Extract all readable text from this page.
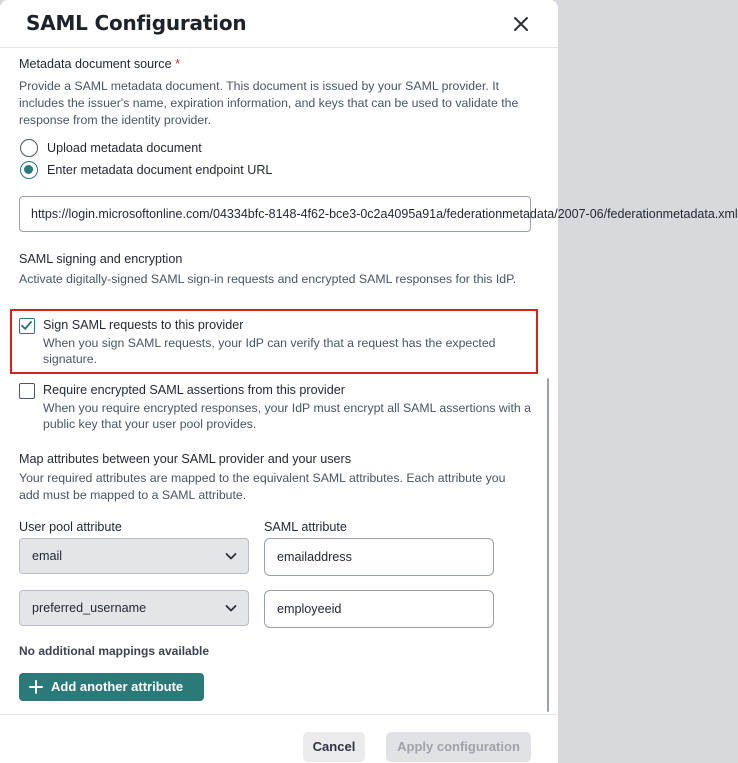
SAML Configuration
Metadata document source *
Provide a SAML metadata document. This document is issued by your SAML provider. It includes the issuer's name, expiration information, and keys that can be used to validate the response from the identity provider.
Upload metadata document
Enter metadata document endpoint URL
https://login.microsoftonline.com/04334bfc-8148-4f62-bce3-0c2a4095a91a/federationmetadata/2007-06/federationmetadata.xml
SAML signing and encryption
Activate digitally-signed SAML sign-in requests and encrypted SAML responses for this IdP.
Sign SAML requests to this provider
When you sign SAML requests, your IdP can verify that a request has the expected signature.
Require encrypted SAML assertions from this provider
When you require encrypted responses, your IdP must encrypt all SAML assertions with a public key that your user pool provides.
Map attributes between your SAML provider and your users
Your required attributes are mapped to the equivalent SAML attributes. Each attribute you add must be mapped to a SAML attribute.
User pool attribute	SAML attribute
email	emailaddress
preferred_username	employeeid
No additional mappings available
Add another attribute
Cancel	Apply configuration
